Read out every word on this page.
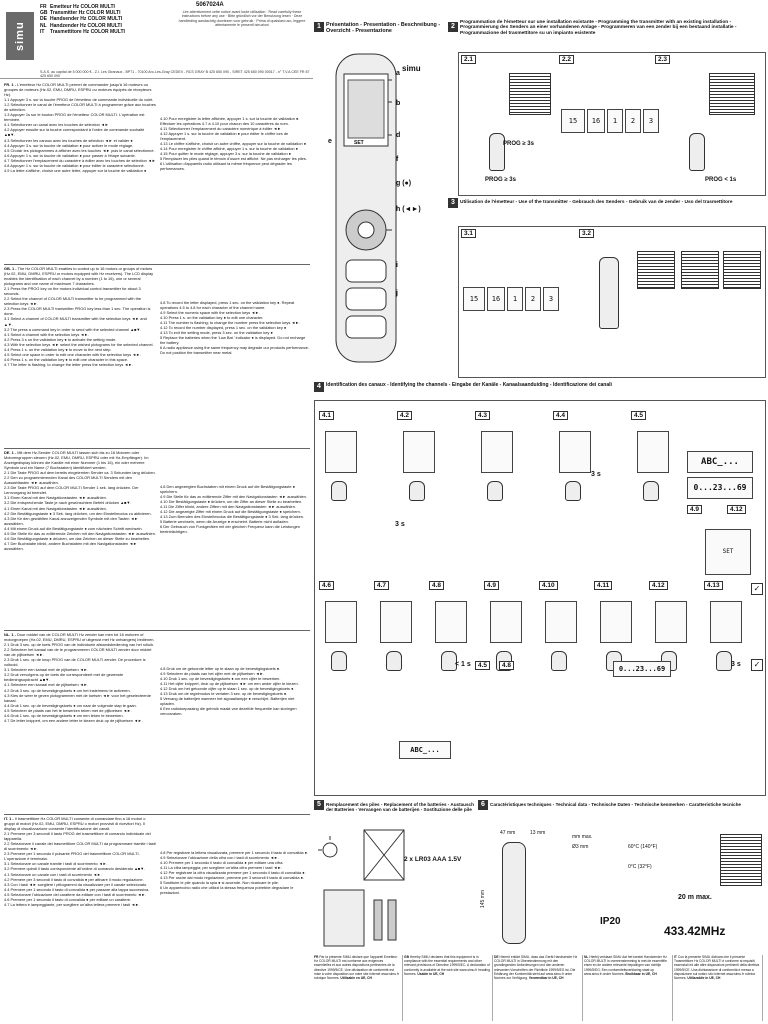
simu
FR Emetteur Hz COLOR MULTI
GB Transmitter Hz COLOR MULTI
DE Handsender Hz COLOR MULTI
NL Handzender Hz COLOR MULTI
IT Trasmettitore Hz COLOR MULTI
5067024A
Lire attentivement cette notice avant toute utilisation · Read carefully these instructions before any use · Bitte gründlich vor der Benutzung lesen · Deze handleiding aandachtig doorlezen voor gebruik · Prima di qualsiasi uso, leggere attentamente le presenti istruzioni
S.A.S. au capital de 5 000 000 € - Z.I. Les Giranaux - BP71 - 70100 Arc-Les-Gray CEDEX - RCS GRAY B 425 650 090 - SIRET 425 650 090 00017 - n° T.V.A CEE FR 87 425 650 090

FR. 1 - L'émetteur Hz COLOR MULTI permet de commander jusqu'à 16 moteurs ou groupes de moteurs (Hz.02, EMU, DMRU, ESPRU ou moteurs équipés de récepteurs Hz).

1.1 Appuyer 3 s. sur la touche PROG de l'émetteur de commande individuelle du volet.

1.2 Sélectionner le canal de l'émetteur COLOR MULTI à programmer grâce aux touches de sélection.

1.3 Appuyer 1s sur le bouton PROG de l'émetteur COLOR MULTI. L'opération est terminée.

4.1 Sélectionner un canal avec les touches de sélection ◄►

4.2 Appuyer ensuite sur la touche correspondant à l'ordre de commande souhaité ▲■▼.

4.3 Sélectionner les canaux avec les touches de sélection ◄► et valider ●

4.4 Appuyer 3 s. sur la touche de validation ● pour activer le mode réglage.

4.5 Choisir les pictogrammes à afficher avec les touches ◄► puis le canal sélectionné.

4.6 Appuyer 1 s. sur la touche de validation ● pour passer à l'étape suivante.

4.7 Sélectionner l'emplacement du caractère à éditer avec les touches de sélection ◄►

4.8 Appuyer 1 s. sur la touche de validation ● pour éditer le caractère sélectionné.

4.9 La lettre s'affiche, choisir une autre lettre, appuyer sur la touche de validation ●

4.10 Pour enregistrer la lettre affichée, appuyer 1 s. sur la touche de validation ●. Effectuer les opérations 4.7 à 4.10 pour chacun des 10 caractères du nom.

4.11 Sélectionner l'emplacement du caractère numérique à éditer ◄►

4.12 Appuyer 1 s. sur la touche de validation ● pour éditer le chiffre lors de l'emplacement.

4.13 Le chiffre s'affiche, choisir un autre chiffre, appuyer sur la touche de validation ●

4.14 Pour enregistrer le chiffre affiché, appuyer 1 s. sur la touche de validation ●

4.15 Pour quitter le mode réglage, appuyer 3 s. sur la touche de validation ●

5 Remplacer les piles quand le témoin d'usure est affiché. Ne pas recharger les piles.

6 L'utilisation d'appareils radio utilisant la même fréquence peut dégrader les performances.

GB. 1 - The Hz COLOR MULTI enables to control up to 16 motors or groups of motors (Hz.02, EMU, DMRU, ESPRU or motors equipped with Hz receivers). The LCD display enables the identification of each channel by a number (1 to 16), one or several pictograms and one name of maximum 7 characters.

2.1 Press the PROG key on the motors individual control transmitter for about 3 seconds.

2.2 Select the channel of COLOR MULTI transmitter to be programmed with the selection keys ◄►.

2.3 Press the COLOR MULTI transmitter PROG key less than 1 sec. The operation is done.

3.1 Select a channel of COLOR MULTI transmitter with the selection keys ◄► and ▲▼.

3.2 The press a command key in order to send with the selected channel ▲■▼.

4.1 Select a channel with the selection keys ◄►.

4.2 Press 3 s on the validation key ● to activate the setting mode.

4.3 With the selection keys ◄► select the wished pictograms for the selected channel.

4.4 Press 1 s. on the validation key ● to move to the next step.

4.5 Select one space in order to edit one character with the selection keys ◄►.

4.6 Press 1 s. on the validation key ● to edit one character in this space.

4.7 The letter is flashing, to change the letter press the selection keys ◄►.

4.8 To record the letter displayed, press 1 sec. on the validation key ●. Repeat operations 4.5 to 4.8 for each character of the channel name.

4.9 Select the numeric space with the selection keys ◄►.

4.10 Press 1 s. on the validation key ● to edit one character.

4.11 The number is flashing; to change the number press the selection keys ◄►.

4.12 To record the number displayed, press 1 sec. on the validation key ●

4.13 To exit the setting mode, press 3 sec. on the validation key ●

5 Replace the batteries when the 'Low Bat.' indicator ● is displayed. Do not recharge the battery.

6 A radio appliance using the same frequency may degrade our products performance. Do not position the transmitter near metal.

DE. 1 - Mit dem Hz-Sender COLOR MULTI lassen sich bis zu 16 Motoren oder Motorengruppen steuern (Hz.02, EMU, DMRU, ESPRU oder mit Hz-Empfänger). Im Anzeigedisplay können die Kanäle mit einer Nummer (1 bis 16), ein oder mehrere Symbole und ein Name (7 Buchstaben) identifiziert werden.

2.1 Die Taste PROG auf dem bereits eingelernten Sender ca. 3 Sekunden lang drücken.

2.2 Den zu programmierenden Kanal des COLOR MULTI Senders mit den Auswahltasten ◄► auswählen.

2.3 Die Taste PROG auf dem COLOR MULTI Sender 1 sek. lang drücken. Der Lernvorgang ist beendet.

3.1 Einen Kanal mit den Navigationstasten ◄► auswählen.

3.2 Die entsprechende Taste je nach gewünschtem Befehl drücken ▲■▼.

4.1 Einen Kanal mit den Navigationstasten ◄► auswählen.

4.2 Die Bestätigungstaste ● 3 Sek. lang drücken, um den Einstellmodus zu aktivieren.

4.3 Die für den gewählten Kanal anzuzeigenden Symbole mit den Tasten ◄► auswählen.

4.4 Mit einem Druck auf die Bestätigungstaste ● zum nächsten Schritt wechseln.

4.5 Die Stelle für das zu editierende Zeichen mit den Navigationstasten ◄► auswählen.

4.6 Die Bestätigungstaste ● drücken, um das Zeichen an dieser Stelle zu bearbeiten.

4.7 Der Buchstabe blinkt, andere Buchstaben mit den Navigationstasten ◄► auswählen.

4.8 Den angezeigten Buchstaben mit einem Druck auf die Bestätigungstaste ● speichern.

4.9 Die Stelle für das zu editierende Ziffer mit den Navigationstasten ◄► auswählen.

4.10 Die Bestätigungstaste ● drücken, um die Ziffer an dieser Stelle zu bearbeiten.

4.11 Die Ziffer blinkt, andere Ziffern mit den Navigationstasten ◄► auswählen.

4.12 Die angezeigte Ziffer mit einem Druck auf die Bestätigungstaste ● speichern.

4.13 Zum Beenden des Einstellmodus die Bestätigungstaste ● 3 Sek. lang drücken.

5 Batterie wechseln, wenn die Anzeige ● erscheint. Batterie nicht aufladen.

6 Der Gebrauch von Funkgeräten mit der gleichen Frequenz kann die Leistungen beeinträchtigen.

NL. 1 - Door middel van de COLOR MULTI Hz zender kan men tot 16 motoren of motorgroepen (Hz.02, EMU, DMRU, ESPRU of uitgerust met Hz ontvangers) bedienen.

2.1 Druk 3 sec. op de toets PROG van de individuele afstandsbediening van het rolluik.

2.2 Selecteer het kanaal van de te programmeren COLOR MULTI zender door middel van de pijltoetsen ◄►.

2.3 Druk 1 sec. op de knop PROG van de COLOR MULTI zender. De procedure is voltooid.

3.1 Selecteer een kanaal met de pijltoetsen ◄►.

3.2 Druk vervolgens op de toets die correspondeert met de gewenste bedieningsopdracht ▲■▼.

4.1 Selecteer een kanaal met de pijltoetsen ◄►.

4.2 Druk 3 sec. op de bevestigingstoets ● om het instelmenu te activeren.

4.3 Kies de weer te geven pictogrammen met de toetsen ◄► voor het geselecteerde kanaal.

4.4 Druk 1 sec. op de bevestigingstoets ● om naar de volgende stap te gaan.

4.5 Selecteer de plaats van het te bewerken teken met de pijltoetsen ◄►.

4.6 Druk 1 sec. op de bevestigingstoets ● om een teken te bewerken.

4.7 De letter knippert, om een andere letter te kiezen druk op de pijltoetsen ◄►.

4.8 Druk om de getoonde letter op te slaan op de bevestigingstoets ●.

4.9 Selecteer de plaats van het cijfer met de pijltoetsen ◄►.

4.10 Druk 1 sec. op de bevestigingstoets ● om een cijfer te bewerken.

4.11 Het cijfer knippert, druk op de pijltoetsen ◄► om een ander cijfer te kiezen.

4.12 Druk om het getoonde cijfer op te slaan 1 sec. op de bevestigingstoets ●.

4.13 Druk om de regelmodus te verlaten 3 sec. op de bevestigingstoets ●.

5 Vervang de batterijen wanneer het signaallampje ● verschijnt. Batterijen niet opladen.

6 Een radiotoepassing die gebruik maakt van dezelfde frequentie kan storingen veroorzaken.

IT. 1 - Il trasmettitore Hz COLOR MULTI consente di comandare fino a 16 motori o gruppi di motori (Hz.02, EMU, DMRU, ESPRU o motori provvisti di ricevitori Hz). Il display di visualizzazione consente l'identificazione dei canali.

2.1 Premere per 3 secondi il tasto PROG del trasmettitore di comando individuale del tapparella.

2.2 Selezionare il canale del trasmettitore COLOR MULTI da programmare tramite i tasti di scorrimento ◄►.

2.3 Premere per 1 secondo il pulsante PROG del trasmettitore COLOR MULTI. L'operazione è terminata.

3.1 Selezionare un canale tramite i tasti di scorrimento ◄►.

3.2 Premere quindi il tasto corrispondente all'ordine di comando desiderato ▲■▼.

4.1 Selezionare un canale con i tasti di scorrimento ◄►.

4.2 Premere per 3 secondi il tasto di convalida ● per attivare il modo regolazione.

4.3 Con i tasti ◄► scegliere i pittogrammi da visualizzare per il canale selezionato.

4.4 Premere per 1 secondo il tasto di convalida ● per passare alla tappa successiva.

4.5 Selezionare l'ubicazione del carattere da editare con i tasti di scorrimento ◄►.

4.6 Premere per 1 secondo il tasto di convalida ● per editare un carattere.

4.7 La lettera è lampeggiante, per scegliere un'altra lettera premere i tasti ◄►.

4.8 Per registrare la lettera visualizzata, premere per 1 secondo il tasto di convalida ●.

4.9 Selezionare l'ubicazione della cifra con i tasti di scorrimento ◄►.

4.10 Premere per 1 secondo il tasto di convalida ● per editare una cifra.

4.11 La cifra lampeggia; per scegliere un'altra cifra premere i tasti ◄►.

4.12 Per registrare la cifra visualizzata premere per 1 secondo il tasto di convalida ●.

4.13 Per uscire dal modo regolazione, premere per 3 secondi il tasto di convalida ●.

5 Sostituire le pile quando la spia ● si accende. Non ricaricare le pile.

6 Un apparecchio radio che utilizzi la stessa frequenza potrebbe degradare le prestazioni.

1 Présentation - Presentation - Beschreibung - Overzicht - Presentazione
simu
a
b
d
e
f
g (●)
h (◄►)
i
j
SET
2
Programmation de l'émetteur sur une installation existante - Programming the transmitter with an existing installation - Programmierung des Senders an einer vorhandenen Anlage - Programmeren van een zender bij een bestaand installatie - Programmazione del trasmettitore su un impianto esistente
2.1	2.2	2.3
PROG ≥ 3s
15	16	1	2	3
PROG < 1s
PROG ≥ 3s
3	Utilisation de l'émetteur - Use of the transmitter - Gebrauch des Senders - Gebruik van de zender - Uso del trasmettitore
3.1	3.2
15	16	1	2	3
4	Identification des canaux - Identifying the channels - Eingabe der Kanäle - Kanaalsaanduiding - Identificazione dei canali
4.1	4.2	4.3	4.4	4.5
4.6	4.7	4.8	4.9	4.10	4.11	4.12	4.13
ABC_...
0...23...69
4.9	4.12
3 s
3 s
ABC_...
4.5	4.8
< 1 s
0...23...69
3 s
✓
✓
SET
5	Remplacement des piles - Replacement of the batteries - Austausch der Batterien - Vervangen van de batterijen - Sostituzione delle pile
2 x LR03 AAA 1.5V
6	Caractéristiques techniques - Technical data - Technische Daten - Technische kenmerken - Caratteristiche tecniche
47 mm	13 mm
145 mm
mm max.
Ø3 mm	60°C (140°F)
0°C (32°F)
IP20
20 m max.
433.42MHz
FR Par la présente SIMU déclare que l'appareil Emetteur Hz COLOR MULTI est conforme aux exigences essentielles et aux autres dispositions pertinentes de la directive 1999/5/CE. Une déclaration de conformité est mise à votre disposition sur notre site internet www.simu.fr rubrique Normes. Utilisable en UE, CH
GB Hereby SIMU declares that this equipment is in compliance with the essential requirements and other relevant provisions of Directive 1999/5/EC. A declaration of conformity is available at the web site www.simu.fr heading Normes. Usable in UE, CH
DE Hiermit erklärt SIMU, dass das Gerät Handsender Hz COLOR MULTI in Übereinstimmung mit den grundlegenden Anforderungen und den anderen relevanten Vorschriften der Richtlinie 1999/5/EG ist. Die Erklärung der Konformität steht auf www.simu.fr unter Normes zur Verfügung. Verwendbar in UE, CH
NL Hierbij verklaart SIMU dat het toestel Handzender Hz COLOR MULTI in overeenstemming is met de essentiële eisen en de andere relevante bepalingen van richtlijn 1999/5/EG. Een conformiteitsverklaring staat op www.simu.fr onder Normes. Bruikbaar in UE, CH
IT Con la presente SIMU dichiara che il presente Trasmettitore Hz COLOR MULTI è conforme ai requisiti essenziali ed alle altre disposizioni pertinenti della direttiva 1999/5/CE. Una dichiarazione di conformità è messa a disposizione sul nostro sito internet www.simu.fr rubrica Normes. Utilizzabile in UE, CH
